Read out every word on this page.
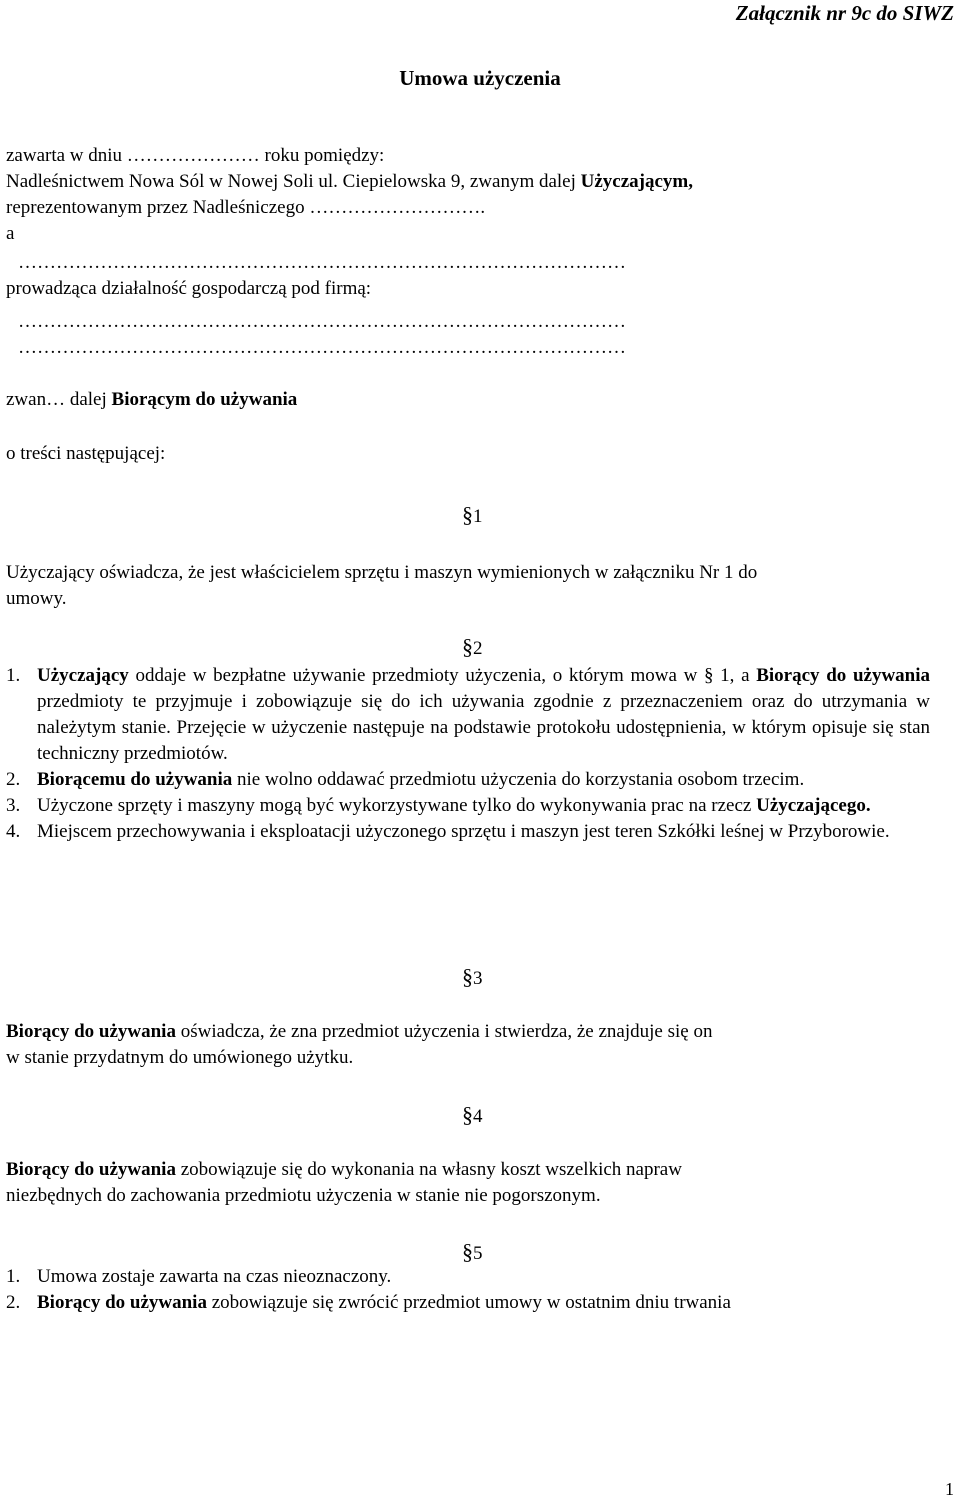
Załącznik nr 9c do SIWZ
Umowa użyczenia
zawarta w dniu ………………… roku pomiędzy:
Nadleśnictwem Nowa Sól w Nowej Soli ul. Ciepielowska 9, zwanym dalej Użyczającym,
reprezentowanym przez Nadleśniczego ……………………….
a
……………………………………………………………………………………
prowadząca działalność gospodarczą pod firmą:
……………………………………………………………………………………
……………………………………………………………………………………
zwan… dalej Biorącym do używania
o treści następującej:
§1
Użyczający oświadcza, że jest właścicielem sprzętu i maszyn wymienionych w załączniku Nr 1 do
umowy.
§2
1. Użyczający oddaje w bezpłatne używanie przedmioty użyczenia, o którym mowa w § 1, a Biorący do używania przedmioty te przyjmuje i zobowiązuje się do ich używania zgodnie z przeznaczeniem oraz do utrzymania w należytym stanie. Przejęcie w użyczenie następuje na podstawie protokołu udostępnienia, w którym opisuje się stan techniczny przedmiotów.
2. Biorącemu do używania nie wolno oddawać przedmiotu użyczenia do korzystania osobom trzecim.
3. Użyczone sprzęty i maszyny mogą być wykorzystywane tylko do wykonywania prac na rzecz Użyczającego.
4. Miejscem przechowywania i eksploatacji użyczonego sprzętu i maszyn jest teren Szkółki leśnej w Przyborowie.
§3
Biorący do używania oświadcza, że zna przedmiot użyczenia i stwierdza, że znajduje się on
w stanie przydatnym do umówionego użytku.
§4
Biorący do używania zobowiązuje się do wykonania na własny koszt wszelkich napraw
niezbędnych do zachowania przedmiotu użyczenia w stanie nie pogorszonym.
§5
1. Umowa zostaje zawarta na czas nieoznaczony.
2. Biorący do używania zobowiązuje się zwrócić przedmiot umowy w ostatnim dniu trwania
1
